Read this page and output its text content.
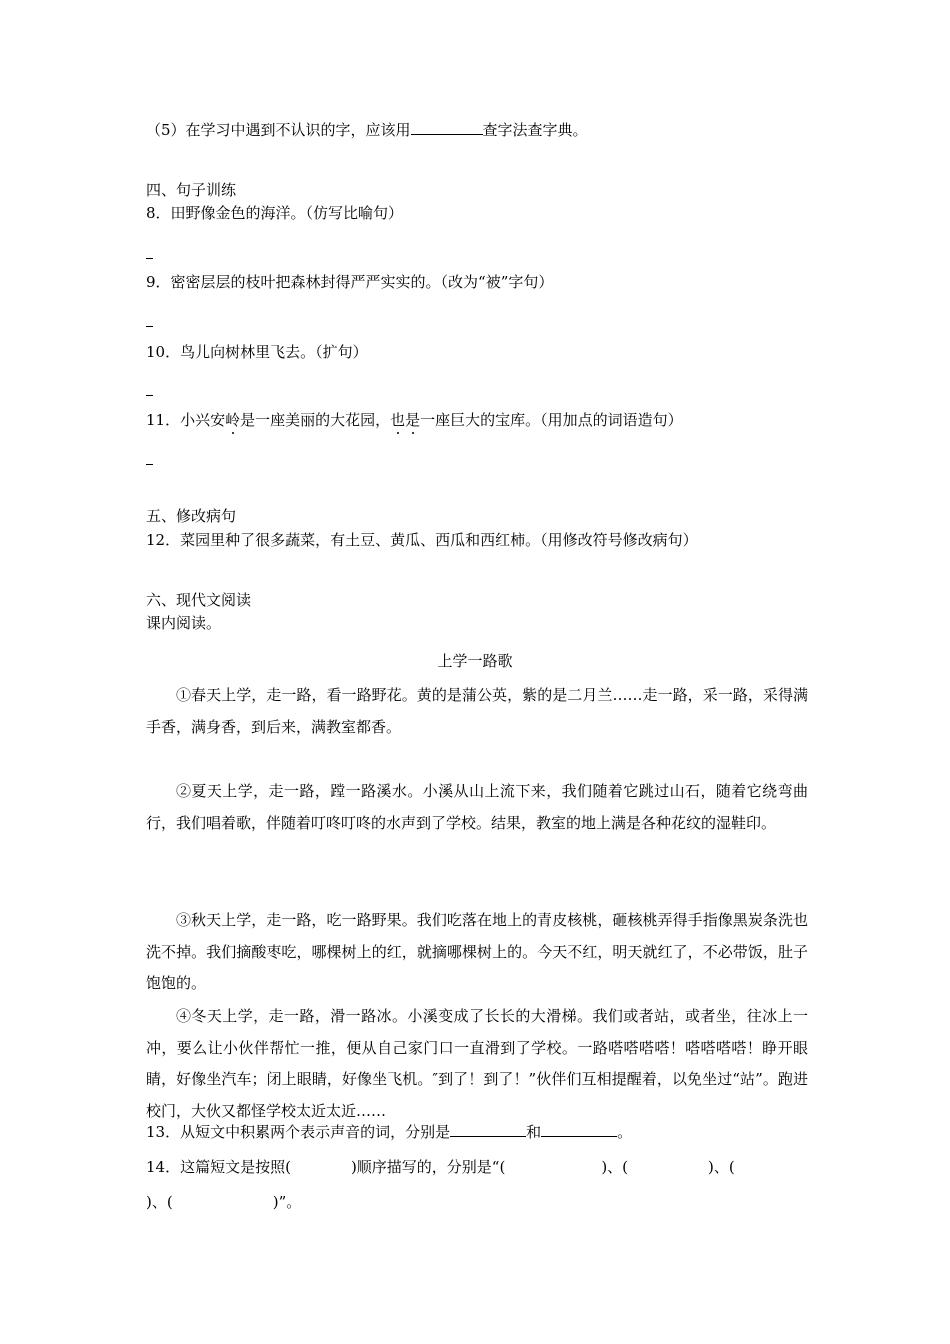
（5）在学习中遇到不认识的字，应该用	查字法查字典。
四、句子训练
8．田野像金色的海洋。（仿写比喻句）
9．密密层层的枝叶把森林封得严严实实的。（改为“被”字句）
10．鸟儿向树林里飞去。（扩句）
11．小兴安岭是一座美丽的大花园，也是一座巨大的宝库。（用加点的词语造句）
五、修改病句
12．菜园里种了很多蔬菜，有土豆、黄瓜、西瓜和西红柿。（用修改符号修改病句）
六、现代文阅读
课内阅读。
上学一路歌
①春天上学，走一路，看一路野花。黄的是蒲公英，紫的是二月兰……走一路，采一路，采得满手香，满身香，到后来，满教室都香。
②夏天上学，走一路，蹚一路溪水。小溪从山上流下来，我们随着它跳过山石，随着它绕弯曲行，我们唱着歌，伴随着叮咚叮咚的水声到了学校。结果，教室的地上满是各种花纹的湿鞋印。
③秋天上学，走一路，吃一路野果。我们吃落在地上的青皮核桃，砸核桃弄得手指像黑炭条洗也洗不掉。我们摘酸枣吃，哪棵树上的红，就摘哪棵树上的。今天不红，明天就红了，不必带饭，肚子饱饱的。
④冬天上学，走一路，滑一路冰。小溪变成了长长的大滑梯。我们或者站，或者坐，往冰上一冲，要么让小伙伴帮忙一推，便从自己家门口一直滑到了学校。一路嗒嗒嗒嗒！嗒嗒嗒嗒！睁开眼睛，好像坐汽车；闭上眼睛，好像坐飞机。″到了！到了！”伙伴们互相提醒着，以免坐过“站”。跑进校门，大伙又都怪学校太近太近……
13．从短文中积累两个表示声音的词，分别是	和	。
14．这篇短文是按照(	)顺序描写的，分别是“(	)、(	)、(
)、(	)”。
